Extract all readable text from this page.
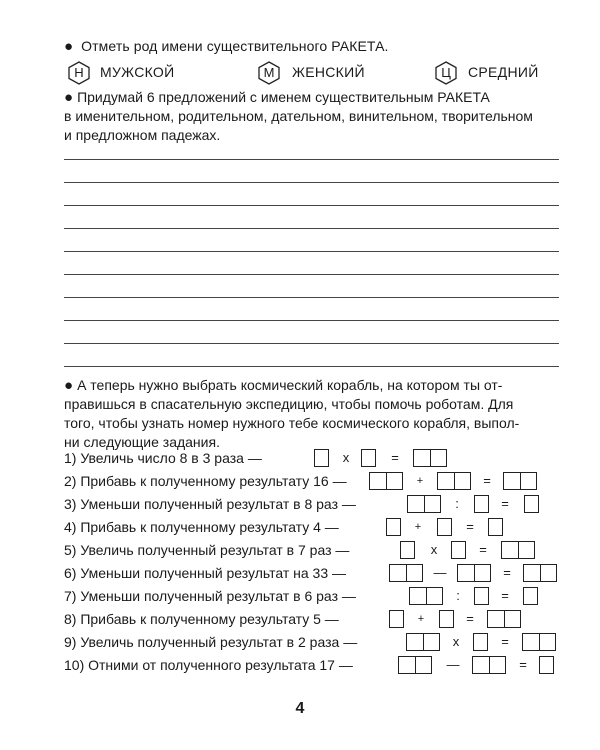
● Отметь род имени существительного РАКЕТА.
Н	МУЖСКОЙ	М	ЖЕНСКИЙ	Ц	СРЕДНИЙ
● Придумай 6 предложений с именем существительным РАКЕТА
в именительном, родительном, дательном, винительном, творительном
и предложном падежах.
● А теперь нужно выбрать космический корабль, на котором ты от-
правишься в спасательную экспедицию, чтобы помочь роботам. Для
того, чтобы узнать номер нужного тебе космического корабля, выпол-
ни следующие задания.
1) Увеличь число 8 в 3 раза —	x	=
2) Прибавь к полученному результату 16 —	+	=
3) Уменьши полученный результат в 8 раз —	:	=
4) Прибавь к полученному результату 4 —	+	=
5) Увеличь полученный результат в 7 раз —	x	=
6) Уменьши полученный результат на 33 —	—	=
7) Уменьши полученный результат в 6 раз —	:	=
8) Прибавь к полученному результату 5 —	+	=
9) Увеличь полученный результат в 2 раза —	x	=
10) Отними от полученного результата 17 —	—	=
4
